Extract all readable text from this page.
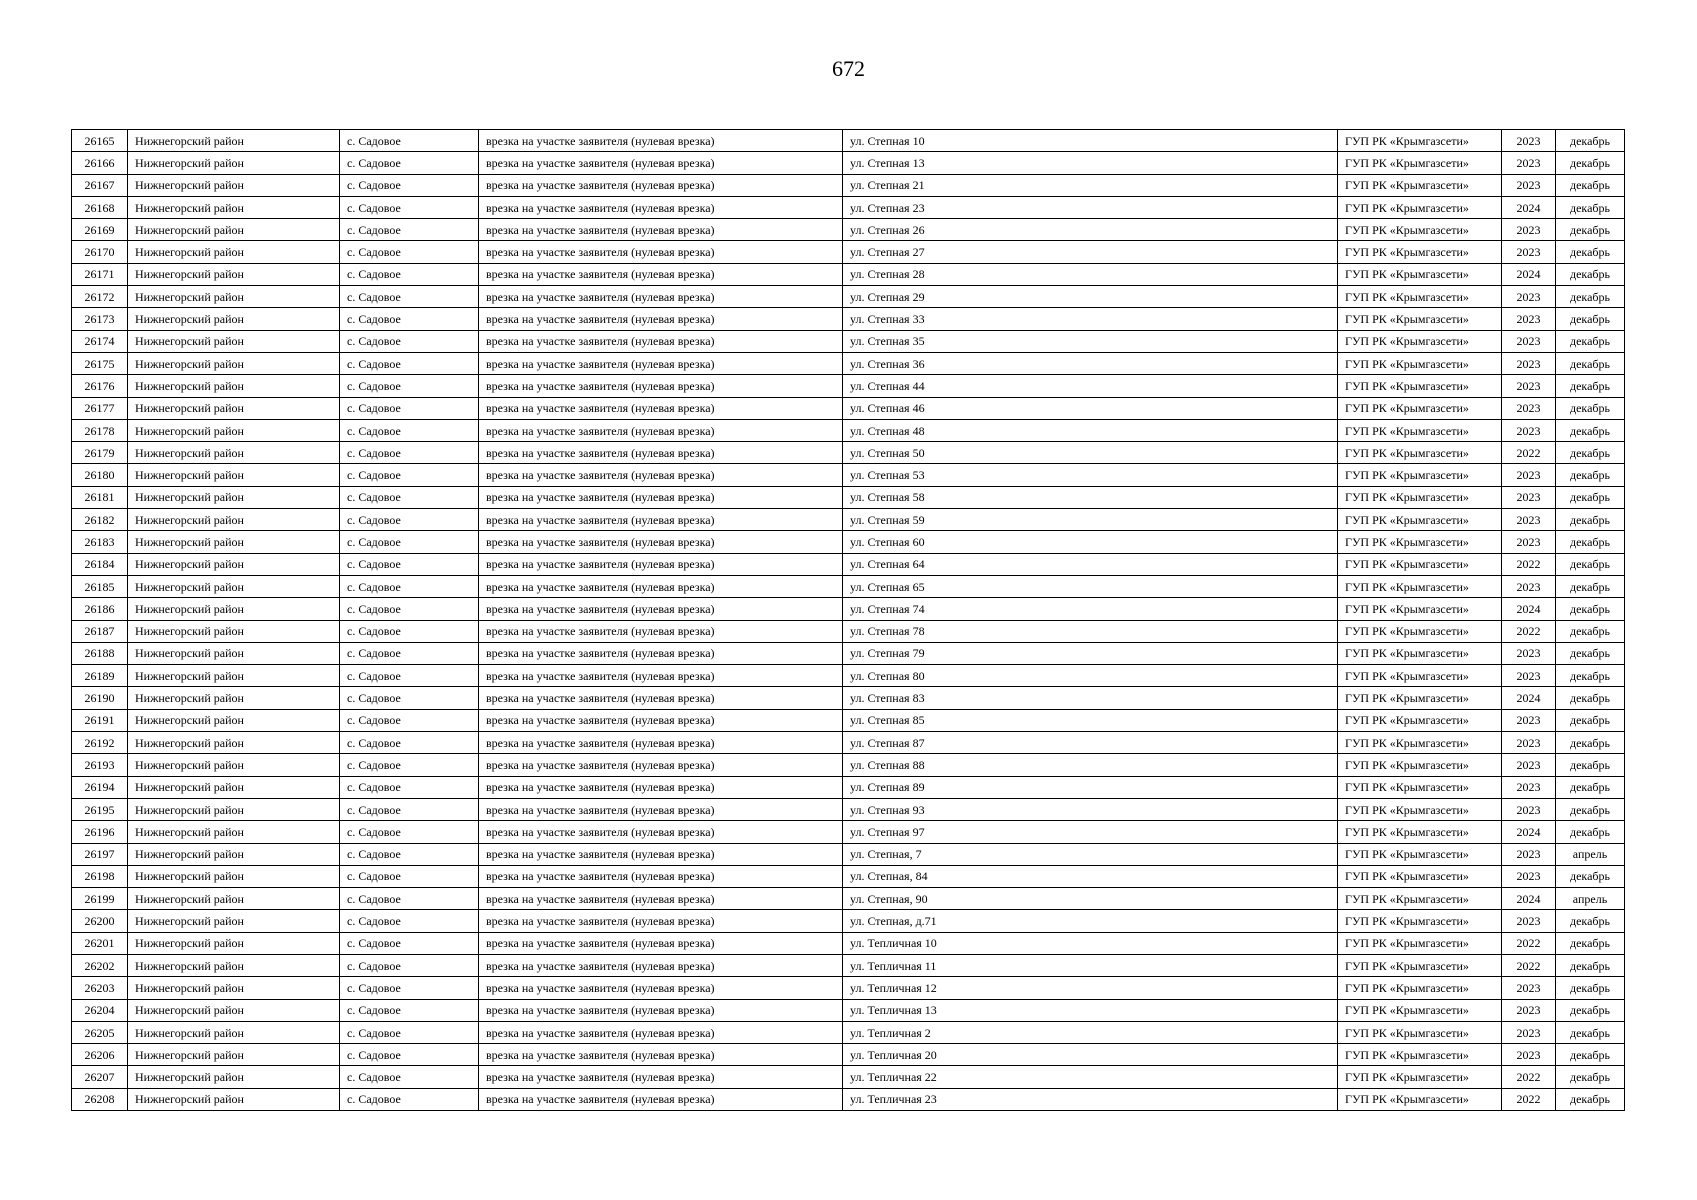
672
26165	Нижнегорский район	с. Садовое	врезка на участке заявителя (нулевая врезка)	ул. Степная 10	ГУП РК «Крымгазсети»	2023	декабрь
26166	Нижнегорский район	с. Садовое	врезка на участке заявителя (нулевая врезка)	ул. Степная 13	ГУП РК «Крымгазсети»	2023	декабрь
26167	Нижнегорский район	с. Садовое	врезка на участке заявителя (нулевая врезка)	ул. Степная 21	ГУП РК «Крымгазсети»	2023	декабрь
26168	Нижнегорский район	с. Садовое	врезка на участке заявителя (нулевая врезка)	ул. Степная 23	ГУП РК «Крымгазсети»	2024	декабрь
26169	Нижнегорский район	с. Садовое	врезка на участке заявителя (нулевая врезка)	ул. Степная 26	ГУП РК «Крымгазсети»	2023	декабрь
26170	Нижнегорский район	с. Садовое	врезка на участке заявителя (нулевая врезка)	ул. Степная 27	ГУП РК «Крымгазсети»	2023	декабрь
26171	Нижнегорский район	с. Садовое	врезка на участке заявителя (нулевая врезка)	ул. Степная 28	ГУП РК «Крымгазсети»	2024	декабрь
26172	Нижнегорский район	с. Садовое	врезка на участке заявителя (нулевая врезка)	ул. Степная 29	ГУП РК «Крымгазсети»	2023	декабрь
26173	Нижнегорский район	с. Садовое	врезка на участке заявителя (нулевая врезка)	ул. Степная 33	ГУП РК «Крымгазсети»	2023	декабрь
26174	Нижнегорский район	с. Садовое	врезка на участке заявителя (нулевая врезка)	ул. Степная 35	ГУП РК «Крымгазсети»	2023	декабрь
26175	Нижнегорский район	с. Садовое	врезка на участке заявителя (нулевая врезка)	ул. Степная 36	ГУП РК «Крымгазсети»	2023	декабрь
26176	Нижнегорский район	с. Садовое	врезка на участке заявителя (нулевая врезка)	ул. Степная 44	ГУП РК «Крымгазсети»	2023	декабрь
26177	Нижнегорский район	с. Садовое	врезка на участке заявителя (нулевая врезка)	ул. Степная 46	ГУП РК «Крымгазсети»	2023	декабрь
26178	Нижнегорский район	с. Садовое	врезка на участке заявителя (нулевая врезка)	ул. Степная 48	ГУП РК «Крымгазсети»	2023	декабрь
26179	Нижнегорский район	с. Садовое	врезка на участке заявителя (нулевая врезка)	ул. Степная 50	ГУП РК «Крымгазсети»	2022	декабрь
26180	Нижнегорский район	с. Садовое	врезка на участке заявителя (нулевая врезка)	ул. Степная 53	ГУП РК «Крымгазсети»	2023	декабрь
26181	Нижнегорский район	с. Садовое	врезка на участке заявителя (нулевая врезка)	ул. Степная 58	ГУП РК «Крымгазсети»	2023	декабрь
26182	Нижнегорский район	с. Садовое	врезка на участке заявителя (нулевая врезка)	ул. Степная 59	ГУП РК «Крымгазсети»	2023	декабрь
26183	Нижнегорский район	с. Садовое	врезка на участке заявителя (нулевая врезка)	ул. Степная 60	ГУП РК «Крымгазсети»	2023	декабрь
26184	Нижнегорский район	с. Садовое	врезка на участке заявителя (нулевая врезка)	ул. Степная 64	ГУП РК «Крымгазсети»	2022	декабрь
26185	Нижнегорский район	с. Садовое	врезка на участке заявителя (нулевая врезка)	ул. Степная 65	ГУП РК «Крымгазсети»	2023	декабрь
26186	Нижнегорский район	с. Садовое	врезка на участке заявителя (нулевая врезка)	ул. Степная 74	ГУП РК «Крымгазсети»	2024	декабрь
26187	Нижнегорский район	с. Садовое	врезка на участке заявителя (нулевая врезка)	ул. Степная 78	ГУП РК «Крымгазсети»	2022	декабрь
26188	Нижнегорский район	с. Садовое	врезка на участке заявителя (нулевая врезка)	ул. Степная 79	ГУП РК «Крымгазсети»	2023	декабрь
26189	Нижнегорский район	с. Садовое	врезка на участке заявителя (нулевая врезка)	ул. Степная 80	ГУП РК «Крымгазсети»	2023	декабрь
26190	Нижнегорский район	с. Садовое	врезка на участке заявителя (нулевая врезка)	ул. Степная 83	ГУП РК «Крымгазсети»	2024	декабрь
26191	Нижнегорский район	с. Садовое	врезка на участке заявителя (нулевая врезка)	ул. Степная 85	ГУП РК «Крымгазсети»	2023	декабрь
26192	Нижнегорский район	с. Садовое	врезка на участке заявителя (нулевая врезка)	ул. Степная 87	ГУП РК «Крымгазсети»	2023	декабрь
26193	Нижнегорский район	с. Садовое	врезка на участке заявителя (нулевая врезка)	ул. Степная 88	ГУП РК «Крымгазсети»	2023	декабрь
26194	Нижнегорский район	с. Садовое	врезка на участке заявителя (нулевая врезка)	ул. Степная 89	ГУП РК «Крымгазсети»	2023	декабрь
26195	Нижнегорский район	с. Садовое	врезка на участке заявителя (нулевая врезка)	ул. Степная 93	ГУП РК «Крымгазсети»	2023	декабрь
26196	Нижнегорский район	с. Садовое	врезка на участке заявителя (нулевая врезка)	ул. Степная 97	ГУП РК «Крымгазсети»	2024	декабрь
26197	Нижнегорский район	с. Садовое	врезка на участке заявителя (нулевая врезка)	ул. Степная, 7	ГУП РК «Крымгазсети»	2023	апрель
26198	Нижнегорский район	с. Садовое	врезка на участке заявителя (нулевая врезка)	ул. Степная, 84	ГУП РК «Крымгазсети»	2023	декабрь
26199	Нижнегорский район	с. Садовое	врезка на участке заявителя (нулевая врезка)	ул. Степная, 90	ГУП РК «Крымгазсети»	2024	апрель
26200	Нижнегорский район	с. Садовое	врезка на участке заявителя (нулевая врезка)	ул. Степная, д.71	ГУП РК «Крымгазсети»	2023	декабрь
26201	Нижнегорский район	с. Садовое	врезка на участке заявителя (нулевая врезка)	ул. Тепличная 10	ГУП РК «Крымгазсети»	2022	декабрь
26202	Нижнегорский район	с. Садовое	врезка на участке заявителя (нулевая врезка)	ул. Тепличная 11	ГУП РК «Крымгазсети»	2022	декабрь
26203	Нижнегорский район	с. Садовое	врезка на участке заявителя (нулевая врезка)	ул. Тепличная 12	ГУП РК «Крымгазсети»	2023	декабрь
26204	Нижнегорский район	с. Садовое	врезка на участке заявителя (нулевая врезка)	ул. Тепличная 13	ГУП РК «Крымгазсети»	2023	декабрь
26205	Нижнегорский район	с. Садовое	врезка на участке заявителя (нулевая врезка)	ул. Тепличная 2	ГУП РК «Крымгазсети»	2023	декабрь
26206	Нижнегорский район	с. Садовое	врезка на участке заявителя (нулевая врезка)	ул. Тепличная 20	ГУП РК «Крымгазсети»	2023	декабрь
26207	Нижнегорский район	с. Садовое	врезка на участке заявителя (нулевая врезка)	ул. Тепличная 22	ГУП РК «Крымгазсети»	2022	декабрь
26208	Нижнегорский район	с. Садовое	врезка на участке заявителя (нулевая врезка)	ул. Тепличная 23	ГУП РК «Крымгазсети»	2022	декабрь
